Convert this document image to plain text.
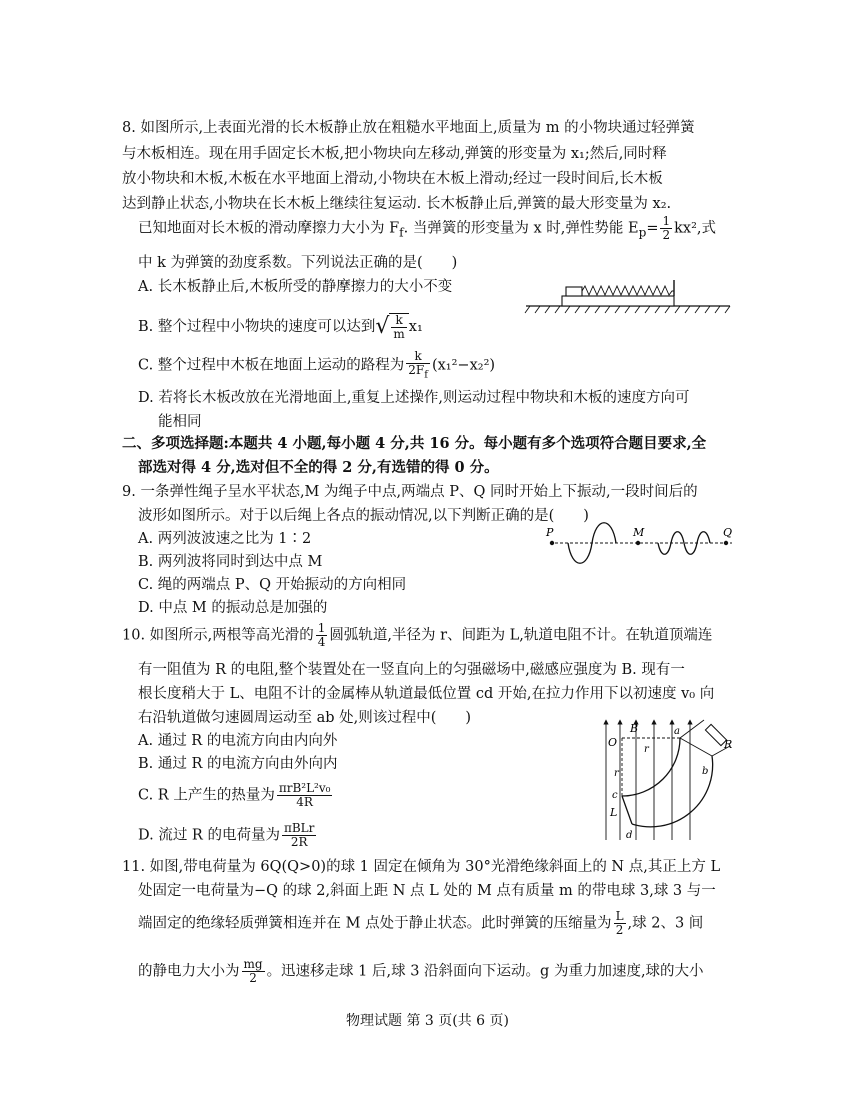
8. 如图所示,上表面光滑的长木板静止放在粗糙水平地面上,质量为 m 的小物块通过轻弹簧
与木板相连。现在用手固定长木板,把小物块向左移动,弹簧的形变量为 x₁;然后,同时释
放小物块和木板,木板在水平地面上滑动,小物块在木板上滑动;经过一段时间后,长木板
达到静止状态,小物块在长木板上继续往复运动. 长木板静止后,弹簧的最大形变量为 x₂.
已知地面对长木板的滑动摩擦力大小为 $F_f$. 当弹簧的形变量为 x 时,弹性势能 $E_p= \frac{1}{2} kx^2$,式
中 k 为弹簧的劲度系数。下列说法正确的是(　　)
A. 长木板静止后,木板所受的静摩擦力的大小不变
B. 整个过程中小物块的速度可以达到√ $\frac{k}{m} x_1$
C. 整个过程中木板在地面上运动的路程为 $\frac{k}{2F_f} (x_1^2-x_2^2)$
D. 若将长木板改放在光滑地面上,重复上述操作,则运动过程中物块和木板的速度方向可
能相同
二、多项选择题:本题共 4 小题,每小题 4 分,共 16 分。每小题有多个选项符合题目要求,全
部选对得 4 分,选对但不全的得 2 分,有选错的得 0 分。
9. 一条弹性绳子呈水平状态,M 为绳子中点,两端点 P、Q 同时开始上下振动,一段时间后的
波形如图所示。对于以后绳上各点的振动情况,以下判断正确的是(　　)
A. 两列波波速之比为 1∶2
B. 两列波将同时到达中点 M
C. 绳的两端点 P、Q 开始振动的方向相同
D. 中点 M 的振动总是加强的
P	M	Q
10. 如图所示,两根等高光滑的 $\frac{1}{4}$ 圆弧轨道,半径为 r、间距为 L,轨道电阻不计。在轨道顶端连
有一阻值为 R 的电阻,整个装置处在一竖直向上的匀强磁场中,磁感应强度为 B. 现有一
根长度稍大于 L、电阻不计的金属棒从轨道最低位置 cd 开始,在拉力作用下以初速度 v₀ 向
右沿轨道做匀速圆周运动至 ab 处,则该过程中(　　)
A. 通过 R 的电流方向由内向外
B. 通过 R 的电流方向由外向内
C. R 上产生的热量为 $\frac{\text{πrB²L²v₀}}{4R}$
D. 流过 R 的电荷量为 $\frac{\text{πBLr}}{2R}$
O
B
r
r
a
b
c
d
L
R
11. 如图,带电荷量为 6Q(Q>0)的球 1 固定在倾角为 30°光滑绝缘斜面上的 N 点,其正上方 L
处固定一电荷量为−Q 的球 2,斜面上距 N 点 L 处的 M 点有质量 m 的带电球 3,球 3 与一
端固定的绝缘轻质弹簧相连并在 M 点处于静止状态。此时弹簧的压缩量为 $\frac{L}{2}$ ,球 2、3 间
的静电力大小为 $\frac{mg}{2}$ 。迅速移走球 1 后,球 3 沿斜面向下运动。g 为重力加速度,球的大小
物理试题 第 3 页(共 6 页)
